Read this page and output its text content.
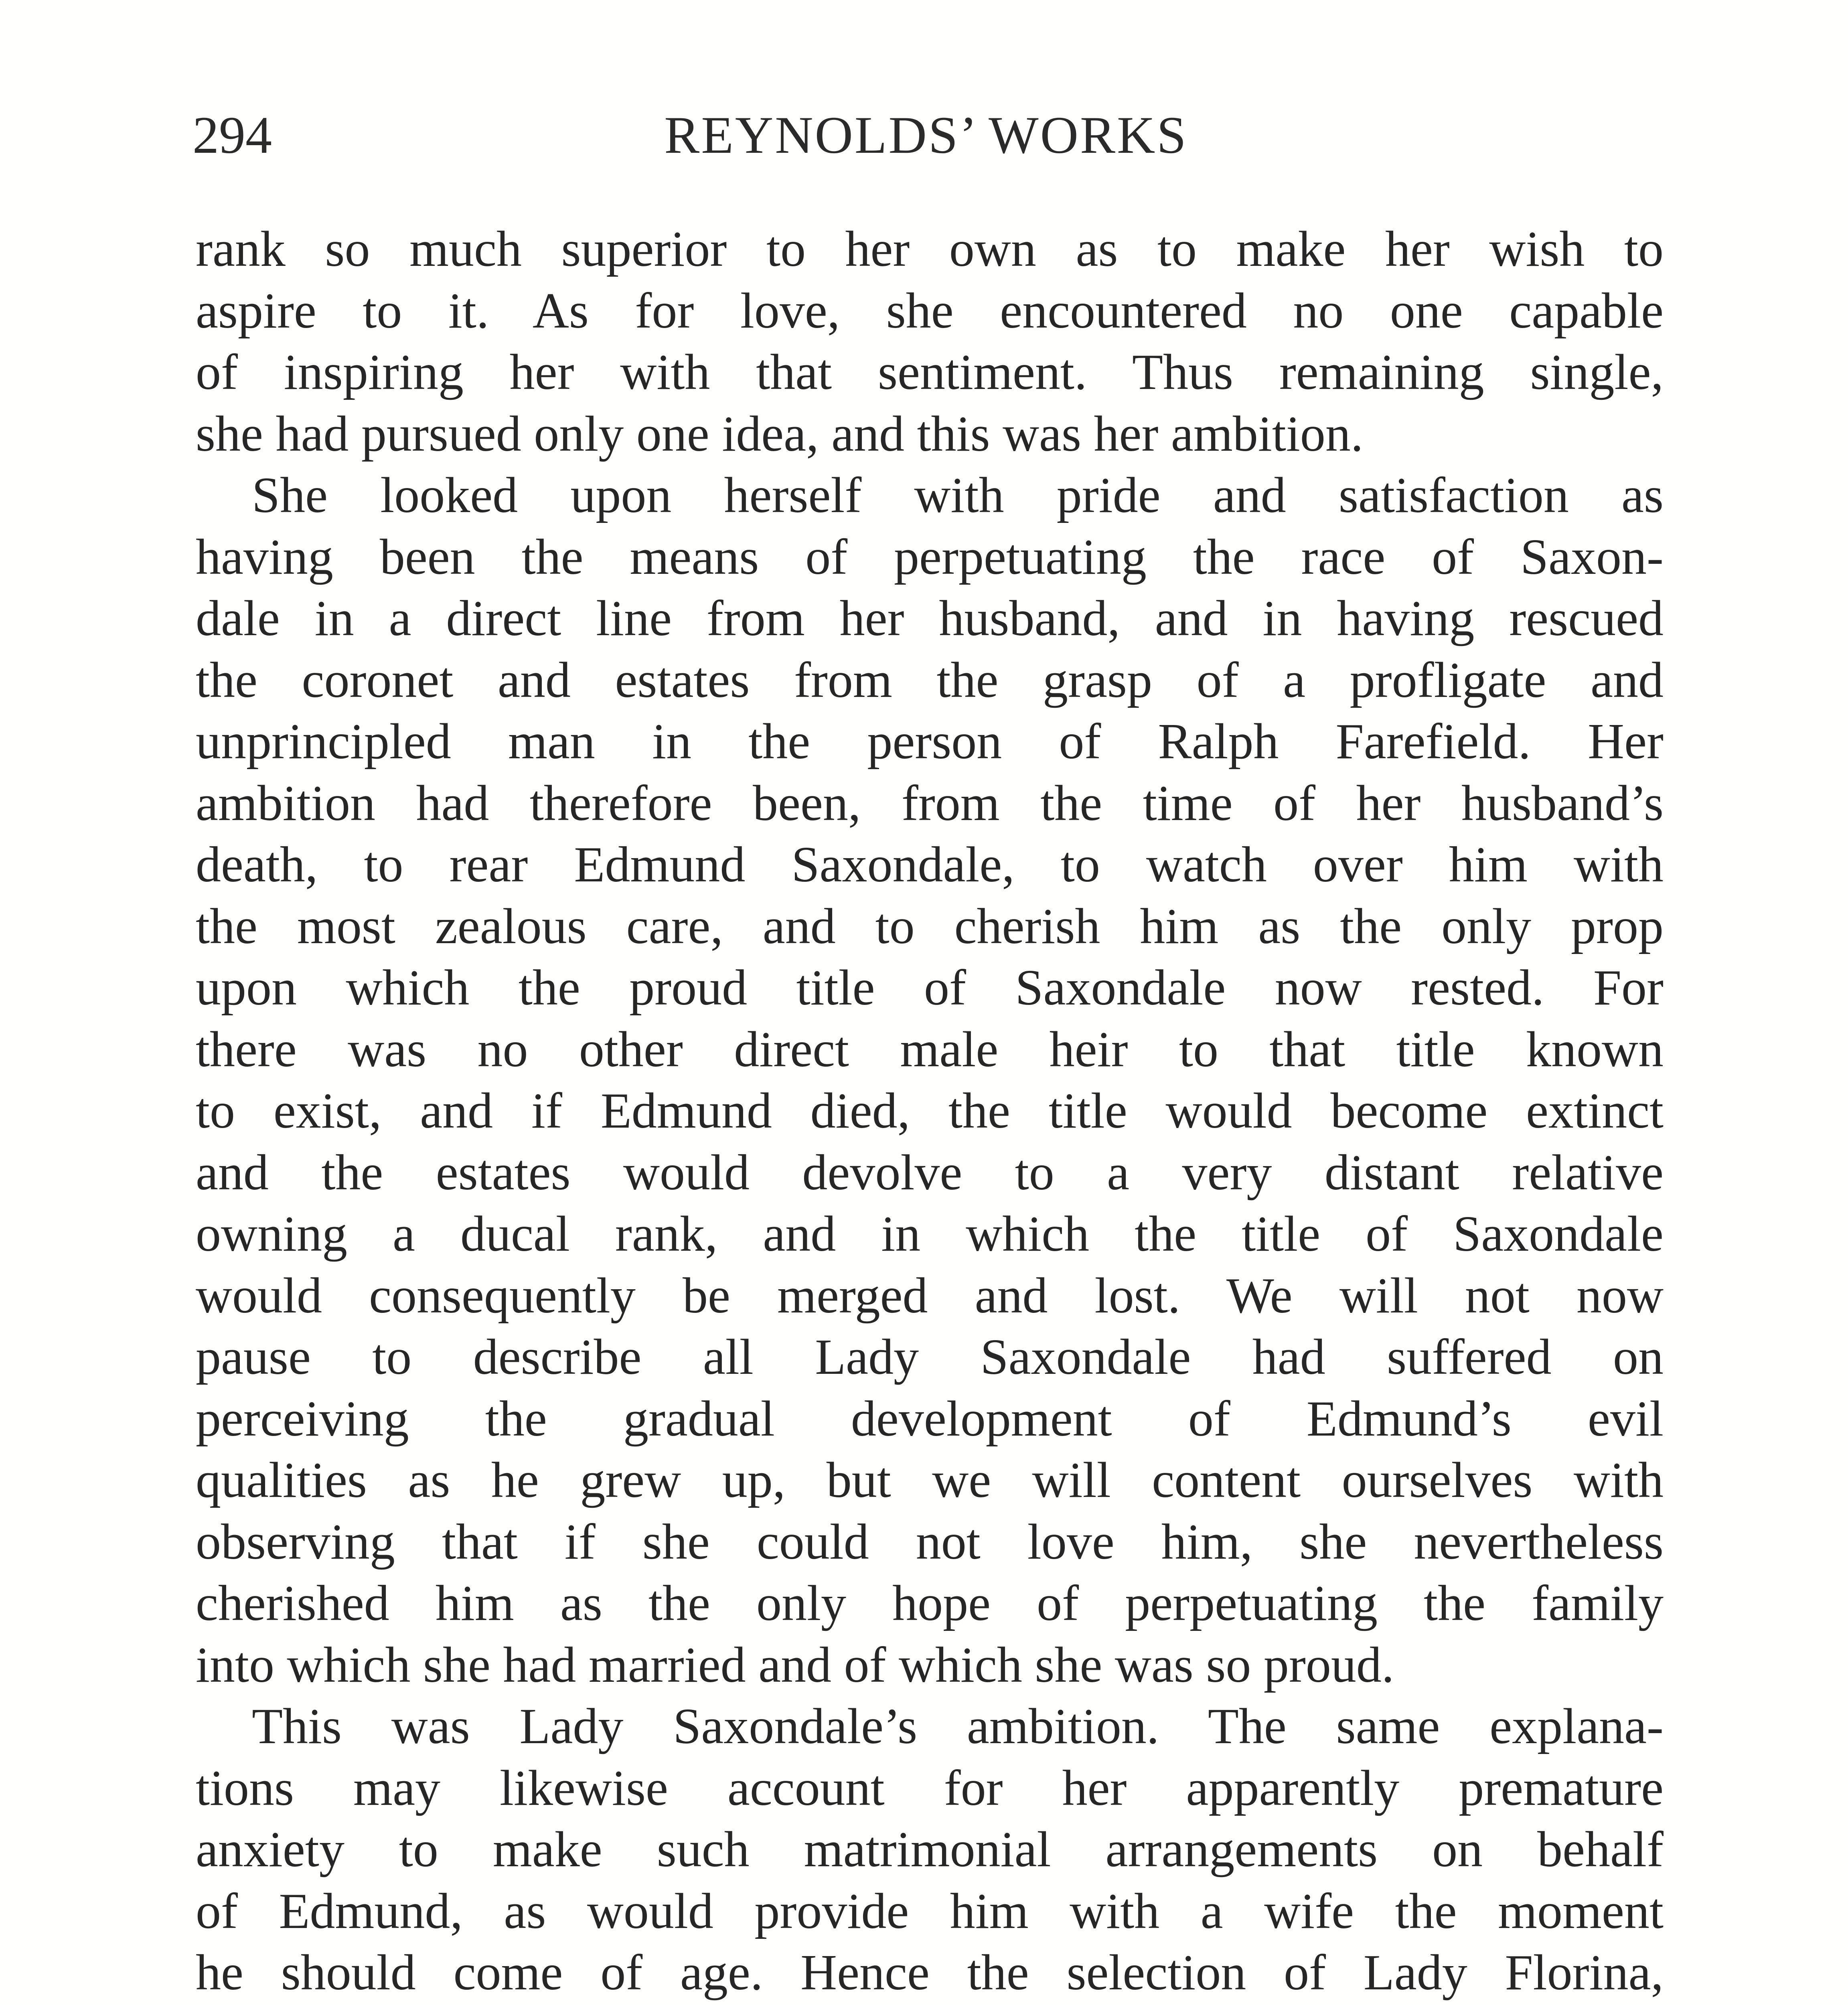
294	REYNOLDS’ WORKS
rank so much superior to her own as to make her wish to
aspire to it. As for love, she encountered no one capable
of inspiring her with that sentiment. Thus remaining single,
she had pursued only one idea, and this was her ambition.
She looked upon herself with pride and satisfaction as
having been the means of perpetuating the race of Saxon-
dale in a direct line from her husband, and in having rescued
the coronet and estates from the grasp of a profligate and
unprincipled man in the person of Ralph Farefield. Her
ambition had therefore been, from the time of her husband’s
death, to rear Edmund Saxondale, to watch over him with
the most zealous care, and to cherish him as the only prop
upon which the proud title of Saxondale now rested. For
there was no other direct male heir to that title known
to exist, and if Edmund died, the title would become extinct
and the estates would devolve to a very distant relative
owning a ducal rank, and in which the title of Saxondale
would consequently be merged and lost. We will not now
pause to describe all Lady Saxondale had suffered on
perceiving the gradual development of Edmund’s evil
qualities as he grew up, but we will content ourselves with
observing that if she could not love him, she nevertheless
cherished him as the only hope of perpetuating the family
into which she had married and of which she was so proud.
This was Lady Saxondale’s ambition. The same explana-
tions may likewise account for her apparently premature
anxiety to make such matrimonial arrangements on behalf
of Edmund, as would provide him with a wife the moment
he should come of age. Hence the selection of Lady Florina,
